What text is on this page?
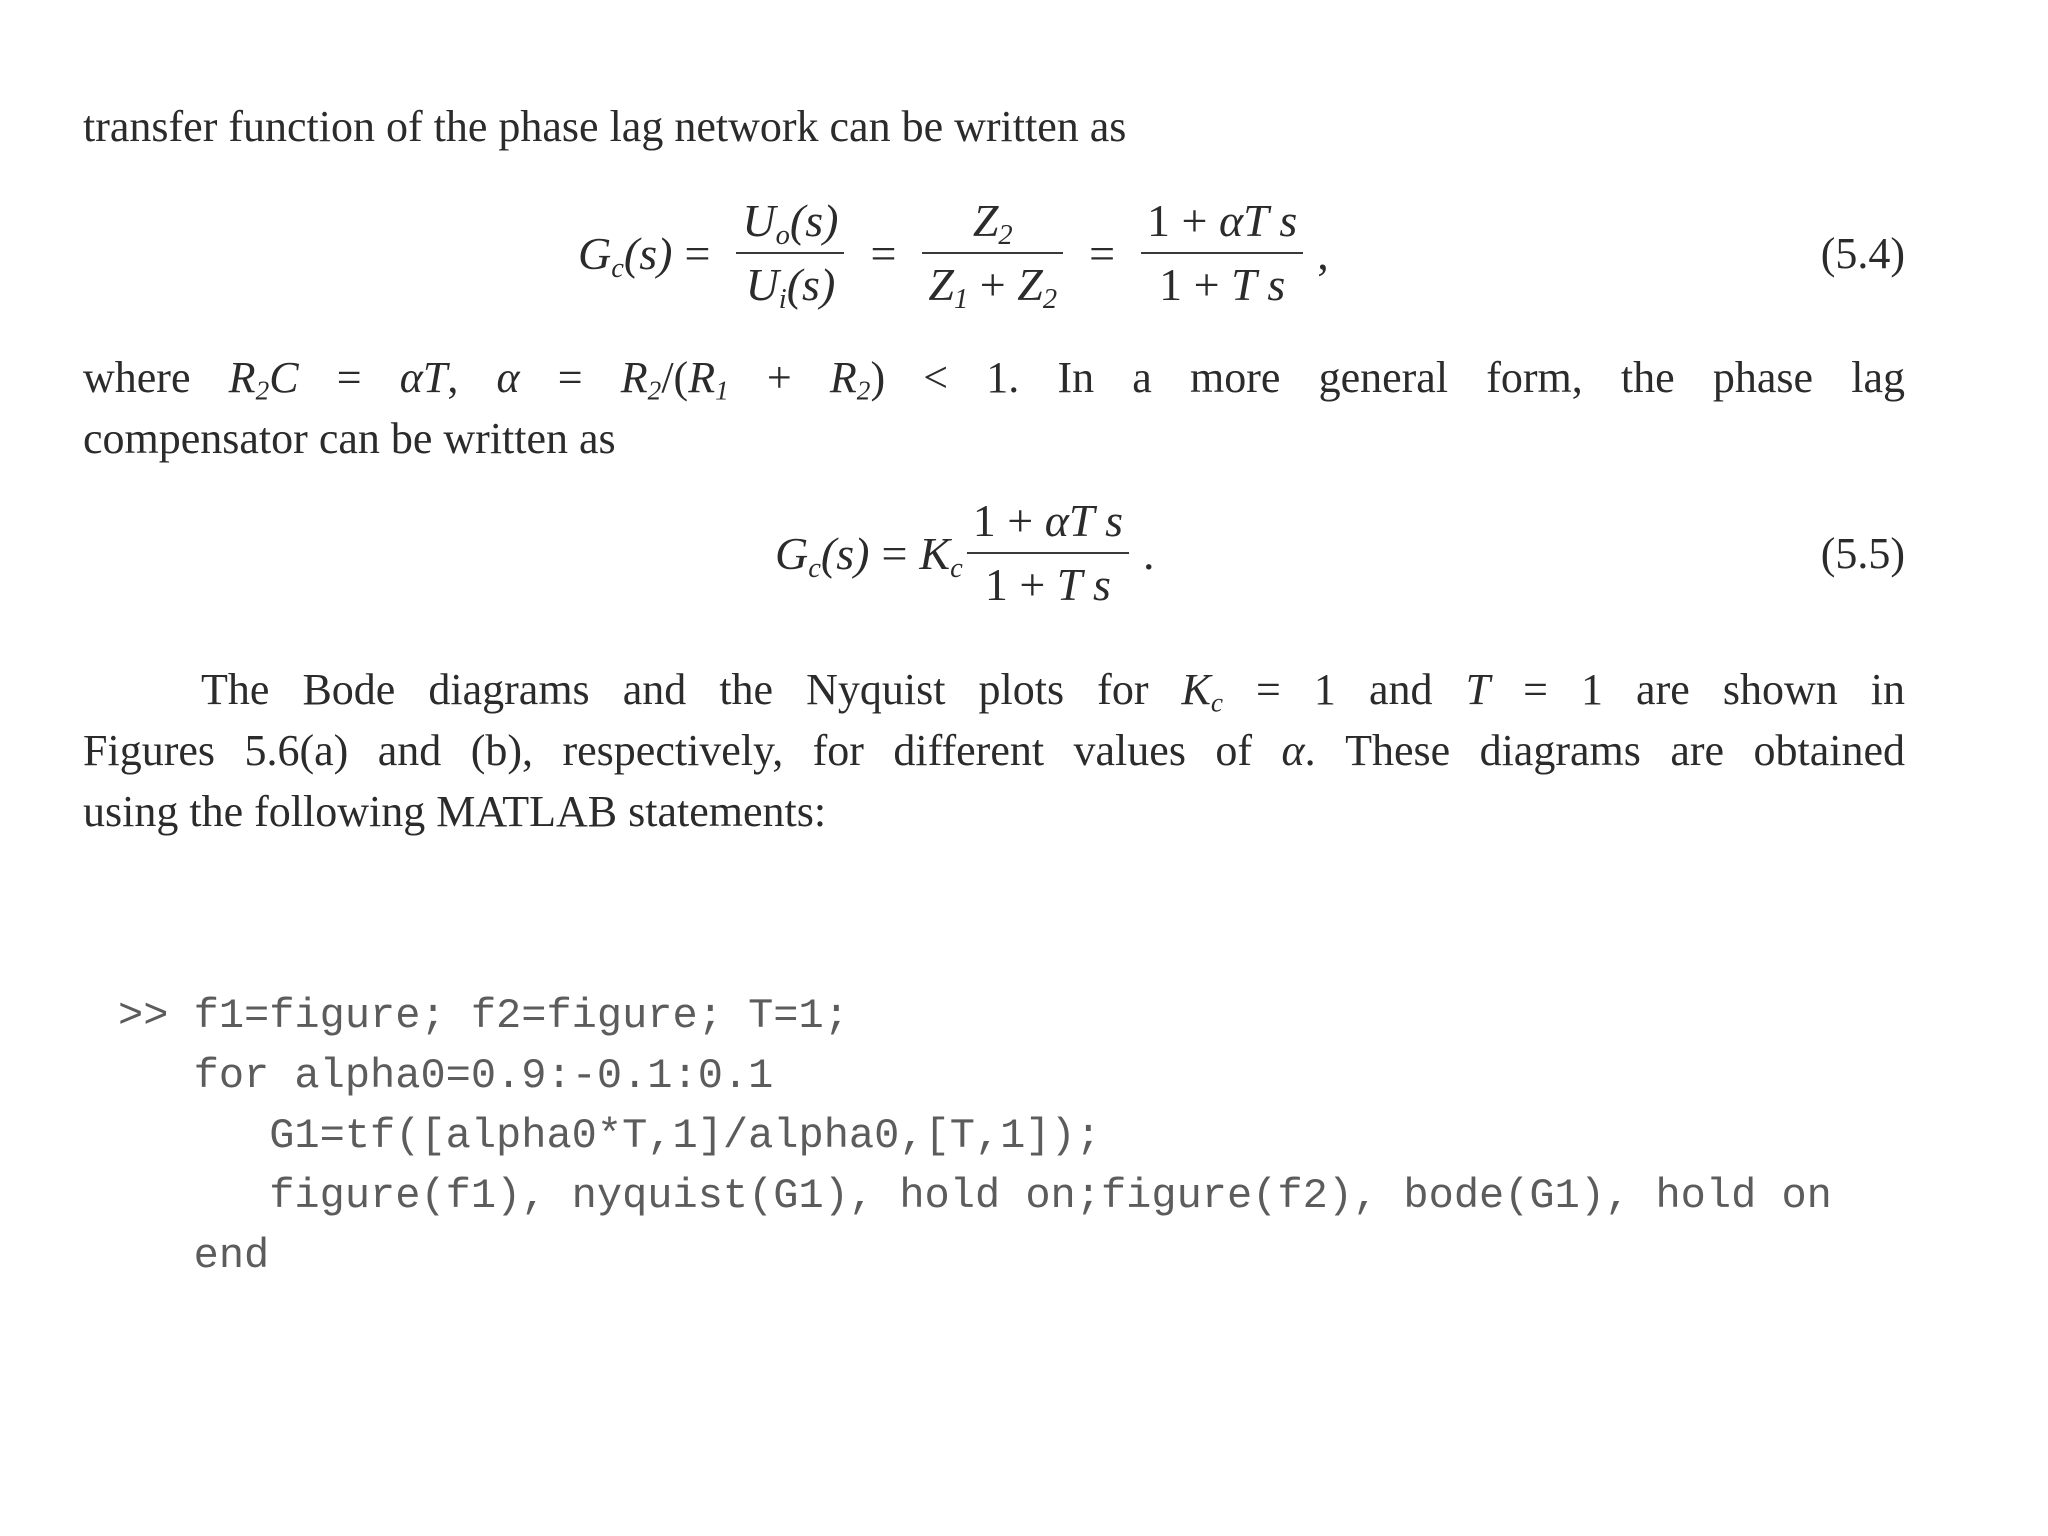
transfer function of the phase lag network can be written as

$G_c(s) = \frac{U_o(s)}{U_i(s)} = \frac{Z_2}{Z_1 + Z_2} = \frac{\text{1 + αT s}}{\text{1 + T s}}$ ,	(5.4)

where $R_2C = \alpha T$, $\alpha = R_2/(R_1 + R_2) < 1$. In a more general form, the phase lag
compensator can be written as

$G_c(s) = K_c \frac{\text{1 + αT s}}{\text{1 + T s}}$ .	(5.5)

The Bode diagrams and the Nyquist plots for $K_c = 1$ and T = 1 are shown in
Figures 5.6(a) and (b), respectively, for different values of α. These diagrams are obtained
using the following MATLAB statements:

>> f1=figure; f2=figure; T=1;
for alpha0=0.9:-0.1:0.1
G1=tf([alpha0*T,1]/alpha0,[T,1]);
figure(f1), nyquist(G1), hold on;figure(f2), bode(G1), hold on
end
